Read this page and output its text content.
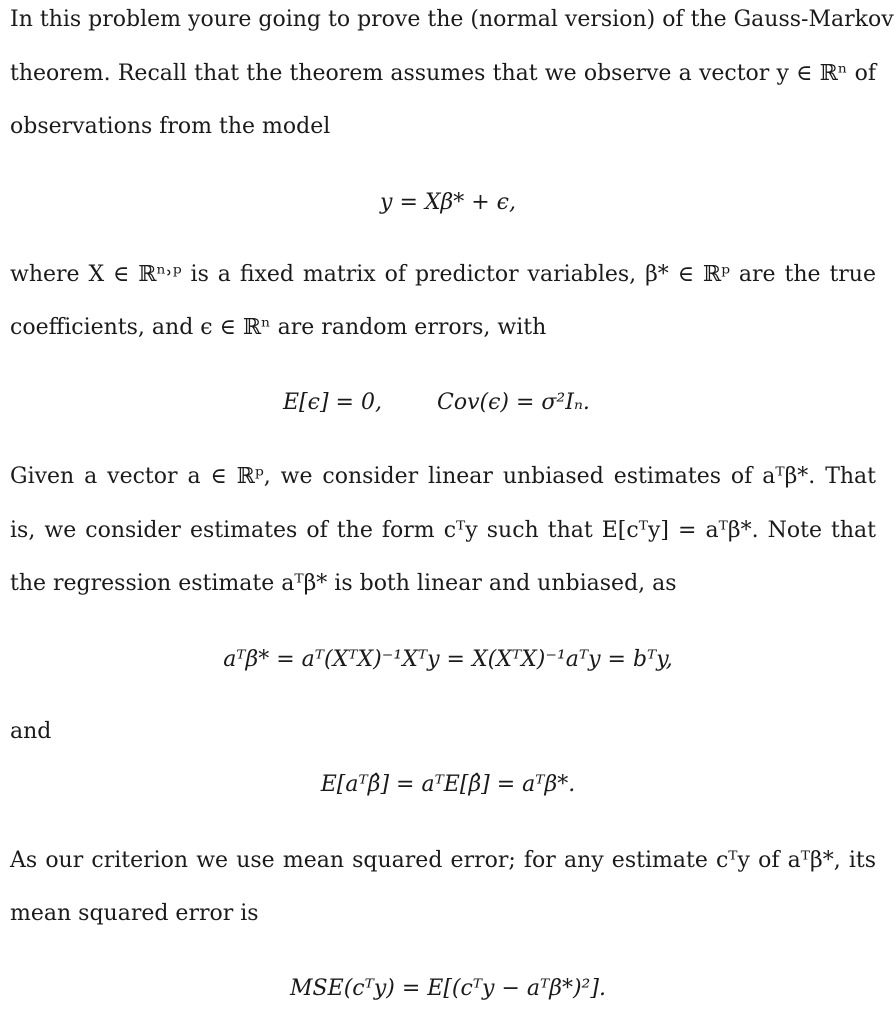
In this problem youre going to prove the (normal version) of the Gauss-Markov
theorem. Recall that the theorem assumes that we observe a vector y ∈ ℝⁿ of
observations from the model
y = Xβ* + ϵ,
where X ∈ ℝⁿ˒ᵖ is a fixed matrix of predictor variables, β* ∈ ℝᵖ are the true
coefficients, and ϵ ∈ ℝⁿ are random errors, with
E[ϵ] = 0,	Cov(ϵ) = σ²Iₙ.
Given a vector a ∈ ℝᵖ, we consider linear unbiased estimates of aᵀβ*. That
is, we consider estimates of the form cᵀy such that E[cᵀy] = aᵀβ*. Note that
the regression estimate aᵀβ* is both linear and unbiased, as
aᵀβ* = aᵀ(XᵀX)⁻¹Xᵀy = X(XᵀX)⁻¹aᵀy = bᵀy,
and
E[aᵀβ̂] = aᵀE[β̂] = aᵀβ*.
As our criterion we use mean squared error; for any estimate cᵀy of aᵀβ*, its
mean squared error is
MSE(cᵀy) = E[(cᵀy − aᵀβ*)²].
